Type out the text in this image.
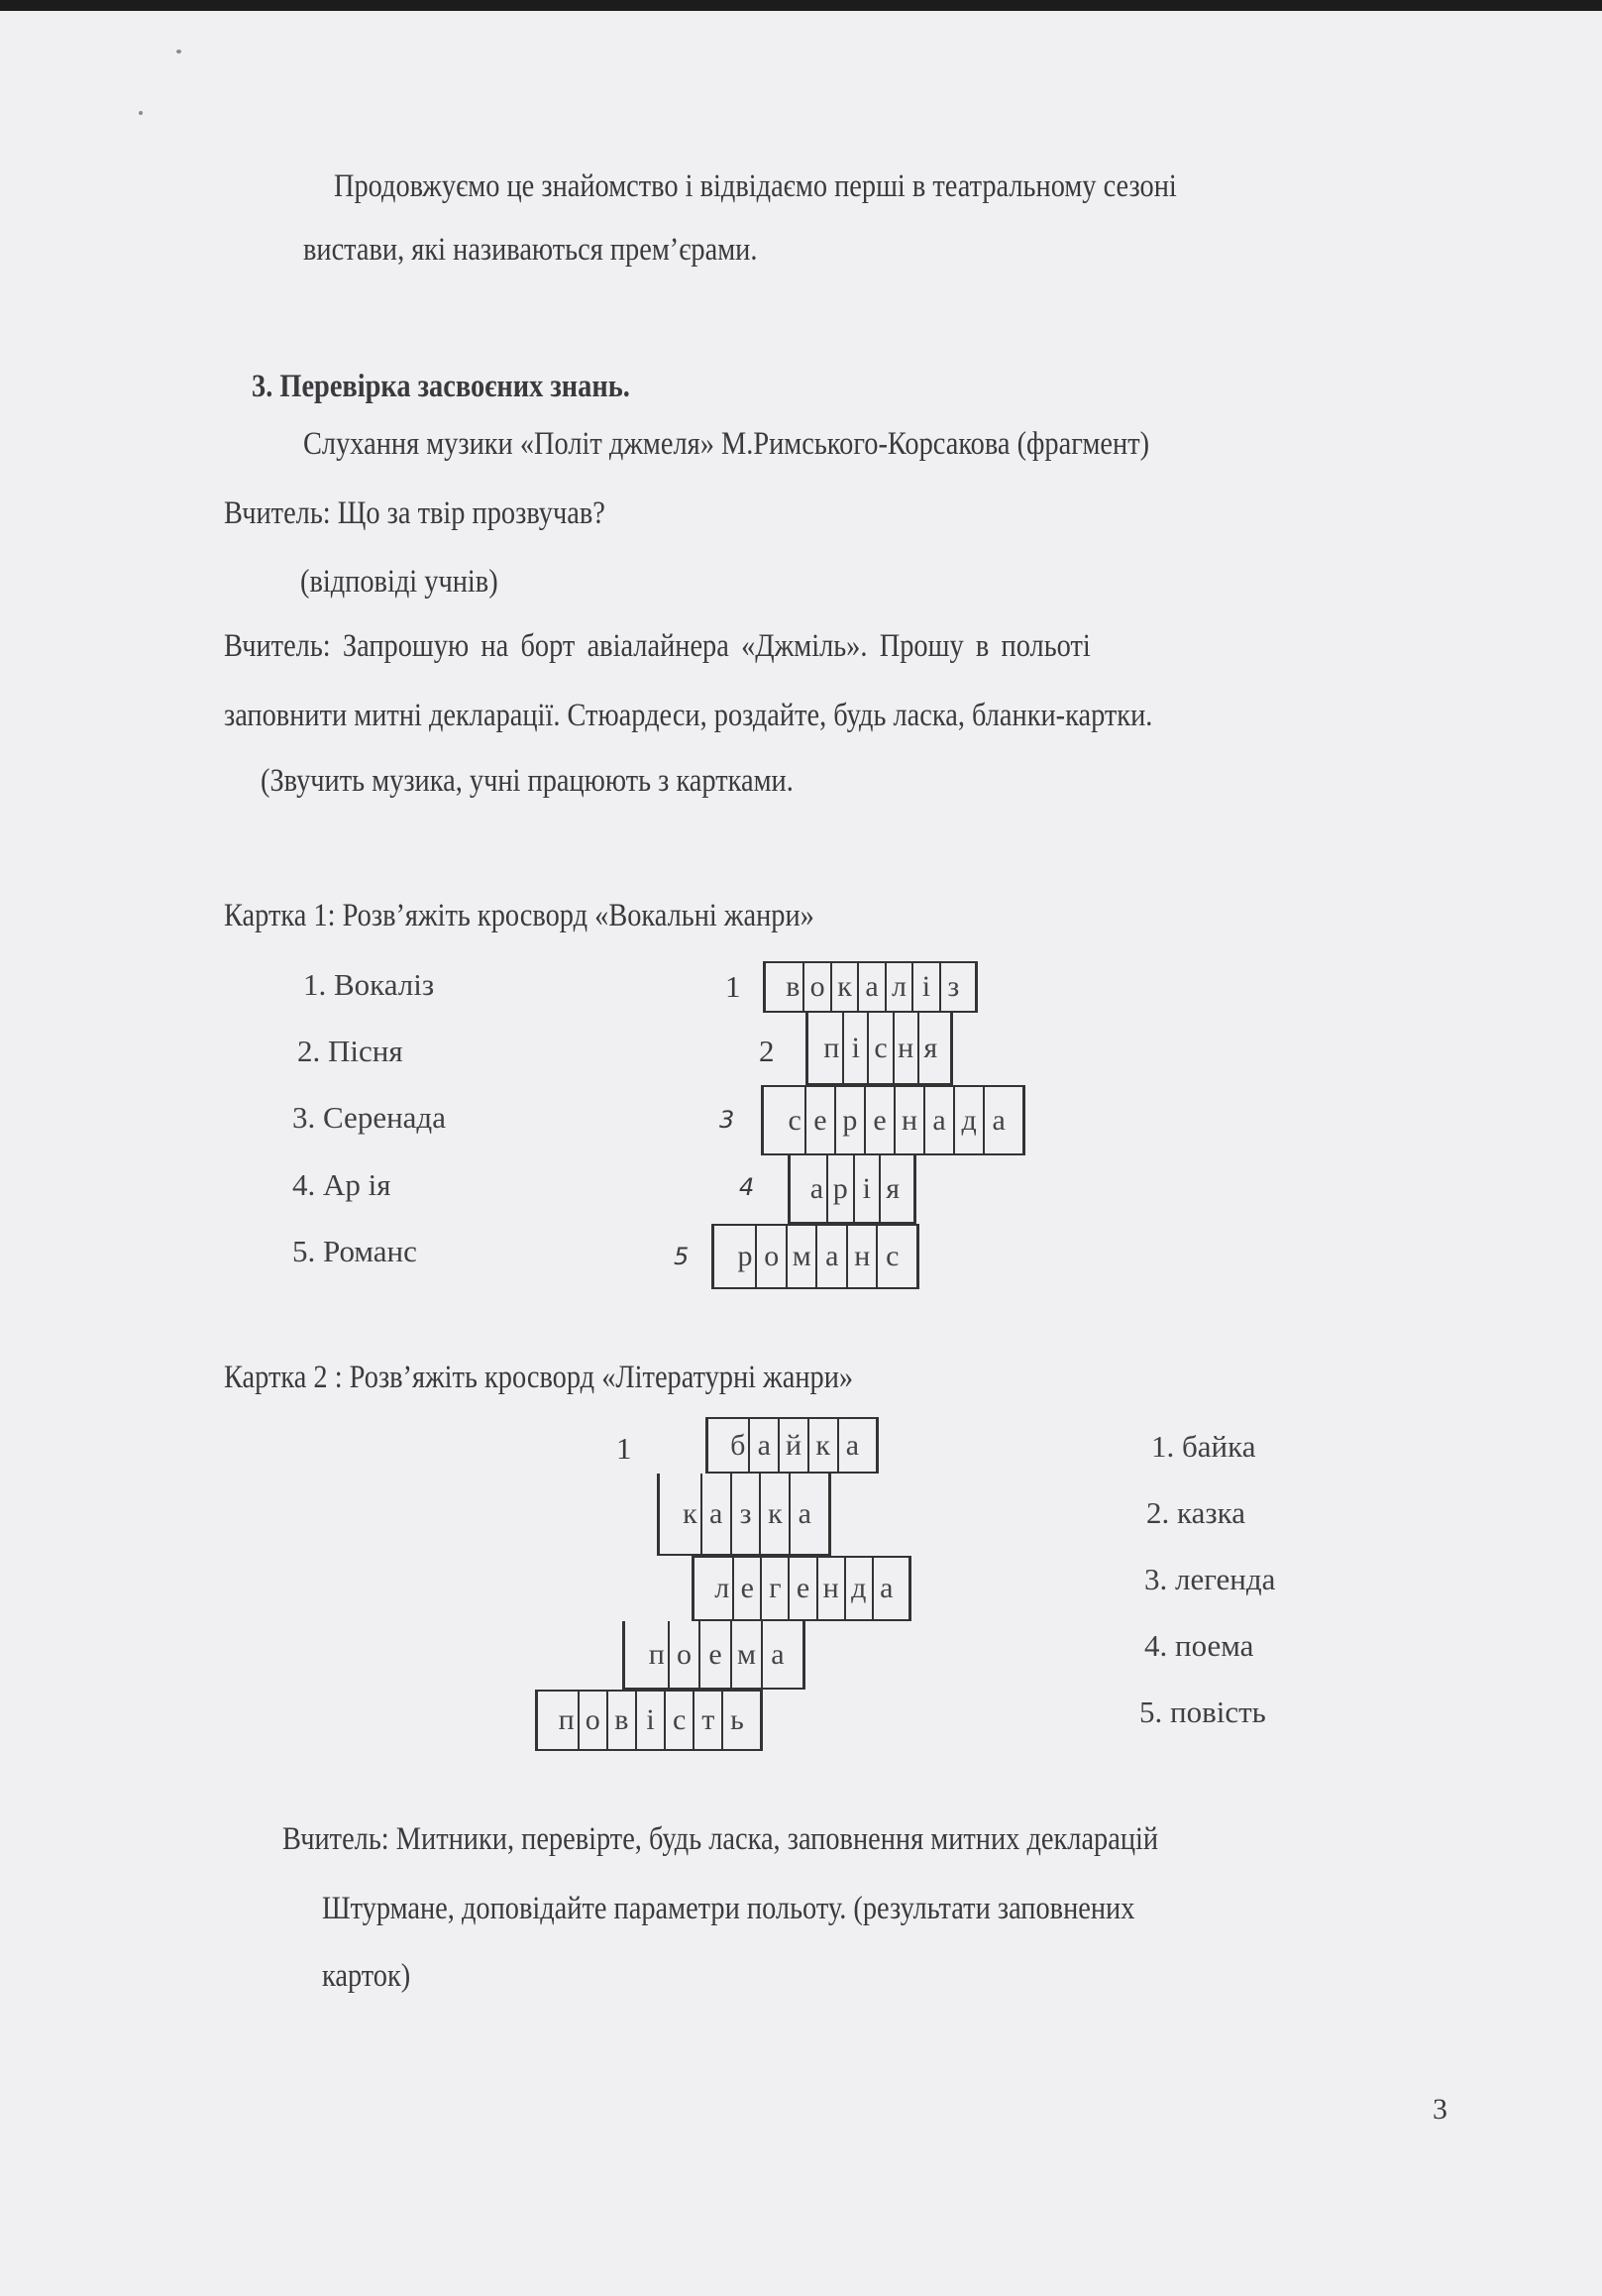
Продовжуємо це знайомство і відвідаємо перші в театральному сезоні
вистави, які називаються прем’єрами.
3. Перевірка засвоєних знань.
Слухання музики «Політ джмеля» М.Римського-Корсакова (фрагмент)
Вчитель: Що за твір прозвучав?
(відповіді учнів)
Вчитель: Запрошую на борт авіалайнера «Джміль». Прошу в польоті
заповнити митні декларації. Стюардеси, роздайте, будь ласка, бланки-картки.
(Звучить музика, учні працюють з картками.
Картка 1: Розв’яжіть кросворд «Вокальні жанри»
1. Вокаліз
2. Пісня
3. Серенада
4. Ар ія
5. Романс
1
2
3
4
5
в о к а л і з
п і с н я
с е р е н а д а
а р і я
р о м а н с
Картка 2 : Розв’яжіть кросворд «Літературні жанри»
1	б а й к а
к а з к а
л е г е н д а
п о е м а
п о в і с т ь
1. байка
2. казка
3. легенда
4. поема
5. повість
Вчитель: Митники, перевірте, будь ласка, заповнення митних декларацій
Штурмане, доповідайте параметри польоту. (результати заповнених
карток)
3
